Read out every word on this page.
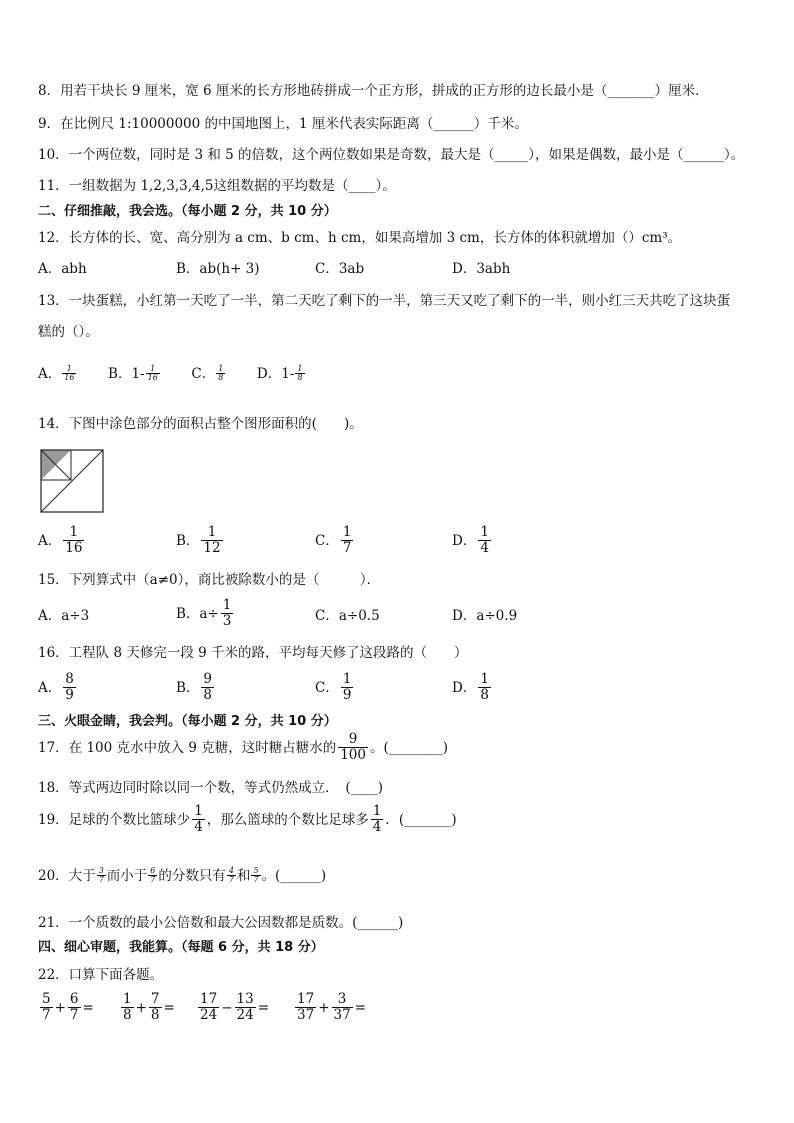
8．用若干块长 9 厘米，宽 6 厘米的长方形地砖拼成一个正方形，拼成的正方形的边长最小是（_______）厘米．
9．在比例尺 1:10000000 的中国地图上，1 厘米代表实际距离（______）千米。
10．一个两位数，同时是 3 和 5 的倍数，这个两位数如果是奇数，最大是（_____），如果是偶数，最小是（______）。
11．一组数据为 1,2,3,3,4,5这组数据的平均数是（____）。
二、仔细推敲，我会选。（每小题 2 分，共 10 分）
12．长方体的长、宽、高分别为 a cm、b cm、h cm，如果高增加 3 cm，长方体的体积就增加（）cm³。
A．abh	B．ab(h+ 3)	C．3ab	D．3abh
13．一块蛋糕，小红第一天吃了一半，第二天吃了剩下的一半，第三天又吃了剩下的一半，则小红三天共吃了这块蛋
糕的（）。
A． $\frac{1}{16}$ B．$1- \frac{1}{16}$ C． $\frac{1}{8}$ D．$1- \frac{1}{8}$
14．下图中涂色部分的面积占整个图形面积的(　　)。
A． $\frac{1}{16}$	B． $\frac{1}{12}$	C． $\frac{1}{7}$	D． $\frac{1}{4}$
15．下列算式中（a≠0），商比被除数小的是（　　　）．
A．a÷3	B．$a\div \frac{1}{3}$	C．a÷0.5	D．a÷0.9
16．工程队 8 天修完一段 9 千米的路，平均每天修了这段路的（　　）
A． $\frac{8}{9}$	B． $\frac{9}{8}$	C． $\frac{1}{9}$	D． $\frac{1}{8}$
三、火眼金睛，我会判。（每小题 2 分，共 10 分）
17．在 100 克水中放入 9 克糖，这时糖占糖水的 $\frac{9}{100}$ 。(________)
18．等式两边同时除以同一个数，等式仍然成立．　(____)
19．足球的个数比篮球少 $\frac{1}{4}$ ，那么篮球的个数比足球多 $\frac{1}{4}$ ．(_______)
20．大于 $\frac{3}{7}$ 而小于 $\frac{6}{7}$ 的分数只有 $\frac{4}{7}$ 和 $\frac{5}{7}$ 。(______)
21．一个质数的最小公倍数和最大公因数都是质数。(______)
四、细心审题，我能算。（每题 6 分，共 18 分）
22．口算下面各题。
$\frac{5}{7} + \frac{6}{7} = \frac{1}{8} + \frac{7}{8} = \frac{17}{24} - \frac{13}{24} = \frac{17}{37} + \frac{3}{37}$ =
